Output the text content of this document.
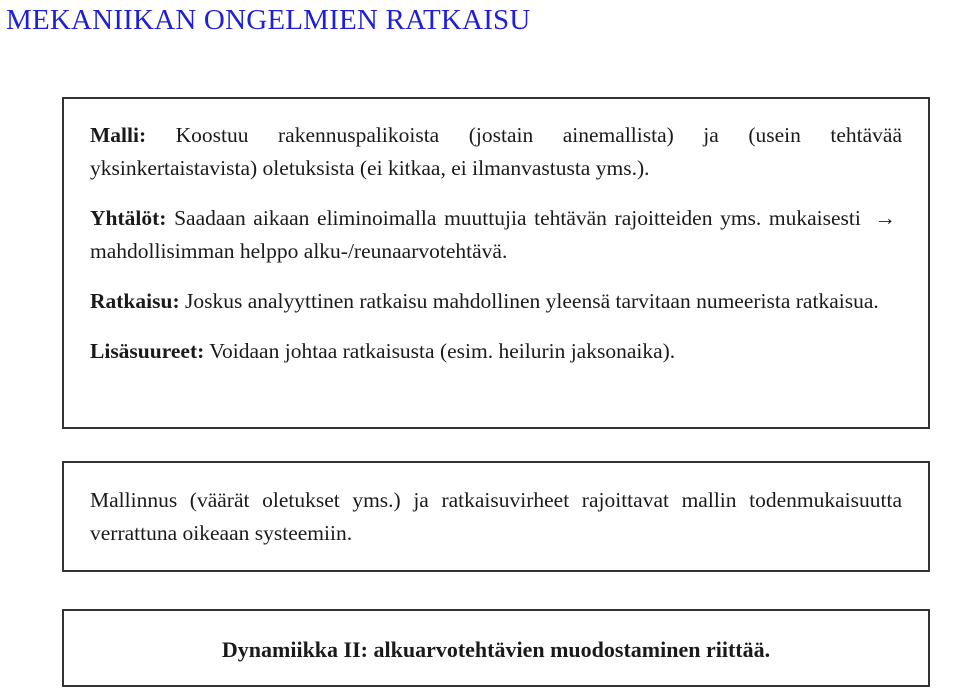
MEKANIIKAN ONGELMIEN RATKAISU

Malli: Koostuu rakennuspalikoista (jostain ainemallista) ja (usein tehtävää yksinkertaistavista) oletuksista (ei kitkaa, ei ilmanvastusta yms.).

Yhtälöt: Saadaan aikaan eliminoimalla muuttujia tehtävän rajoitteiden yms. mukaisesti → mahdollisimman helppo alku-/reunaarvotehtävä.

Ratkaisu: Joskus analyyttinen ratkaisu mahdollinen yleensä tarvitaan numeerista ratkaisua.

Lisäsuureet: Voidaan johtaa ratkaisusta (esim. heilurin jaksonaika).

Mallinnus (väärät oletukset yms.) ja ratkaisuvirheet rajoittavat mallin todenmukaisuutta verrattuna oikeaan systeemiin.

Dynamiikka II: alkuarvotehtävien muodostaminen riittää.
